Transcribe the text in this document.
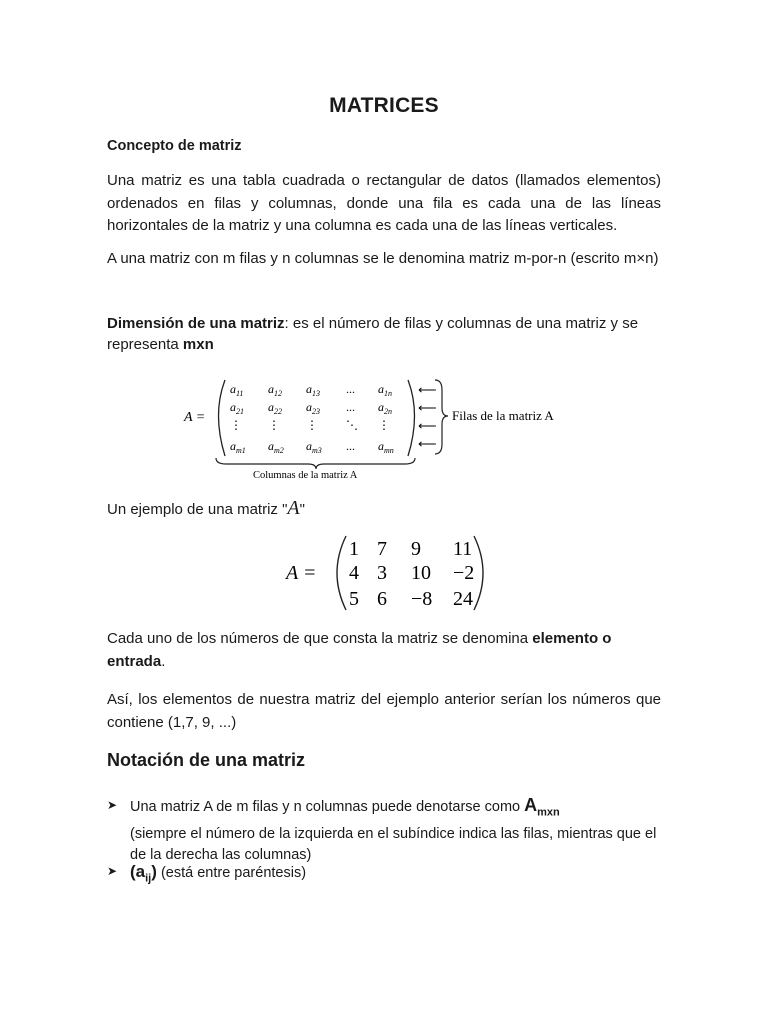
MATRICES
Concepto de matriz
Una matriz es una tabla cuadrada o rectangular de datos (llamados elementos) ordenados en filas y columnas, donde una fila es cada una de las líneas horizontales de la matriz y una columna es cada una de las líneas verticales.
A una matriz con m filas y n columnas se le denomina matriz m-por-n (escrito m×n)
Dimensión de una matriz: es el número de filas y columnas de una matriz y se representa mxn
A =
$a_{11}$ $a_{12}$ $a_{13}$ ... $a_{1n}$
$a_{21}$ $a_{22}$ $a_{23}$ ... $a_{2n}$
⋮ ⋮ ⋮ ⋱ ⋮
$a_{m1}$ $a_{m2}$ $a_{m3}$ ... $a_{mn}$
⟵
⟵
⟵
⟵
Filas de la matriz A
Columnas de la matriz A
Un ejemplo de una matriz "A"
A =
1 7 9 11
4 3 10 −2
5 6 −8 24
Cada uno de los números de que consta la matriz se denomina elemento o entrada.
Así, los elementos de nuestra matriz del ejemplo anterior serían los números que contiene (1,7, 9, ...)
Notación de una matriz
➤ Una matriz A de m filas y n columnas puede denotarse como $A_{mxn}$
(siempre el número de la izquierda en el subíndice indica las filas, mientras que el de la derecha las columnas)
➤ $(a_{ij})$ (está entre paréntesis)
